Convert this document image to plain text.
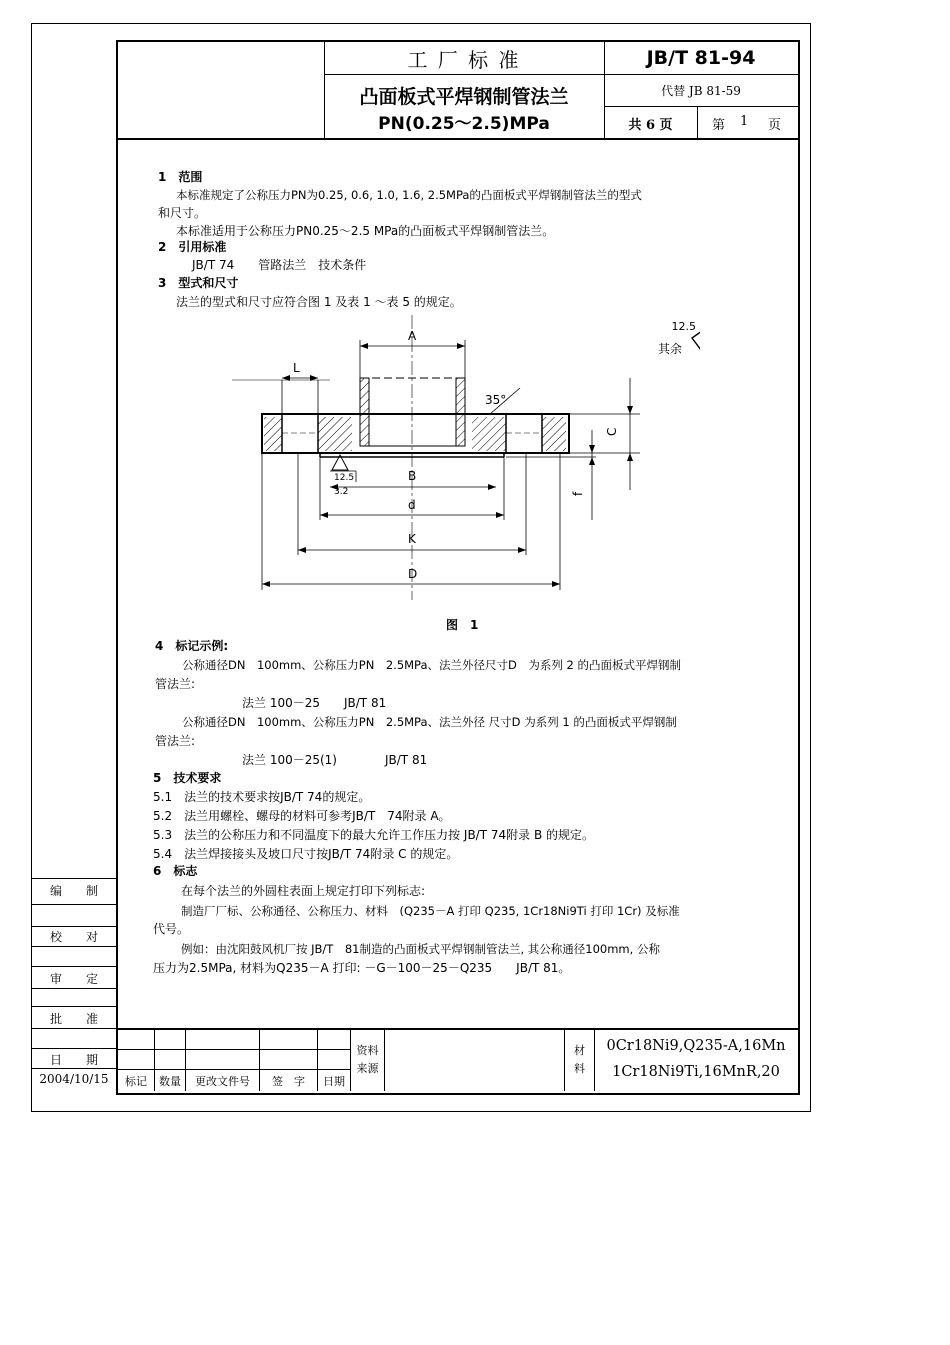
工 厂 标 准	JB/T 81-94
凸面板式平焊钢制管法兰
PN(0.25～2.5)MPa
代替 JB 81-59
共 6 页	第 1 页
1　范围
本标准规定了公称压力PN为0.25, 0.6, 1.0, 1.6, 2.5MPa的凸面板式平焊钢制管法兰的型式
和尺寸。
本标准适用于公称压力PN0.25～2.5 MPa的凸面板式平焊钢制管法兰。
2　引用标准
JB/T 74　　管路法兰　技术条件
3　型式和尺寸
法兰的型式和尺寸应符合图 1 及表 1 ～表 5 的规定。
A
L
B
d
K
D
C
f
35°
12.5
3.2
其余
12.5
图　1
4　标记示例:
公称通径DN　100mm、公称压力PN　2.5MPa、法兰外径尺寸D　为系列 2 的凸面板式平焊钢制
管法兰:
法兰 100－25　　JB/T 81
公称通径DN　100mm、公称压力PN　2.5MPa、法兰外径 尺寸D 为系列 1 的凸面板式平焊钢制
管法兰:
法兰 100－25(1)　　　　JB/T 81
5　技术要求
5.1　法兰的技术要求按JB/T 74的规定。
5.2　法兰用螺栓、螺母的材料可参考JB/T　74附录 A。
5.3　法兰的公称压力和不同温度下的最大允许工作压力按 JB/T 74附录 B 的规定。
5.4　法兰焊接接头及坡口尺寸按JB/T 74附录 C 的规定。
6　标志
在每个法兰的外圆柱表面上规定打印下列标志:
制造厂厂标、公称通径、公称压力、材料　(Q235－A 打印 Q235, 1Cr18Ni9Ti 打印 1Cr) 及标准
代号。
例如：由沈阳鼓风机厂按 JB/T　81制造的凸面板式平焊钢制管法兰, 其公称通径100mm, 公称
压力为2.5MPa, 材料为Q235－A 打印: －G－100－25－Q235　　JB/T 81。
编　　制
校　　对
审　　定
批　　准
日　　期
2004/10/15	标记	数量	更改文件号	签　字	日期
资料
来源
材
料
0Cr18Ni9,Q235-A,16Mn
1Cr18Ni9Ti,16MnR,20
